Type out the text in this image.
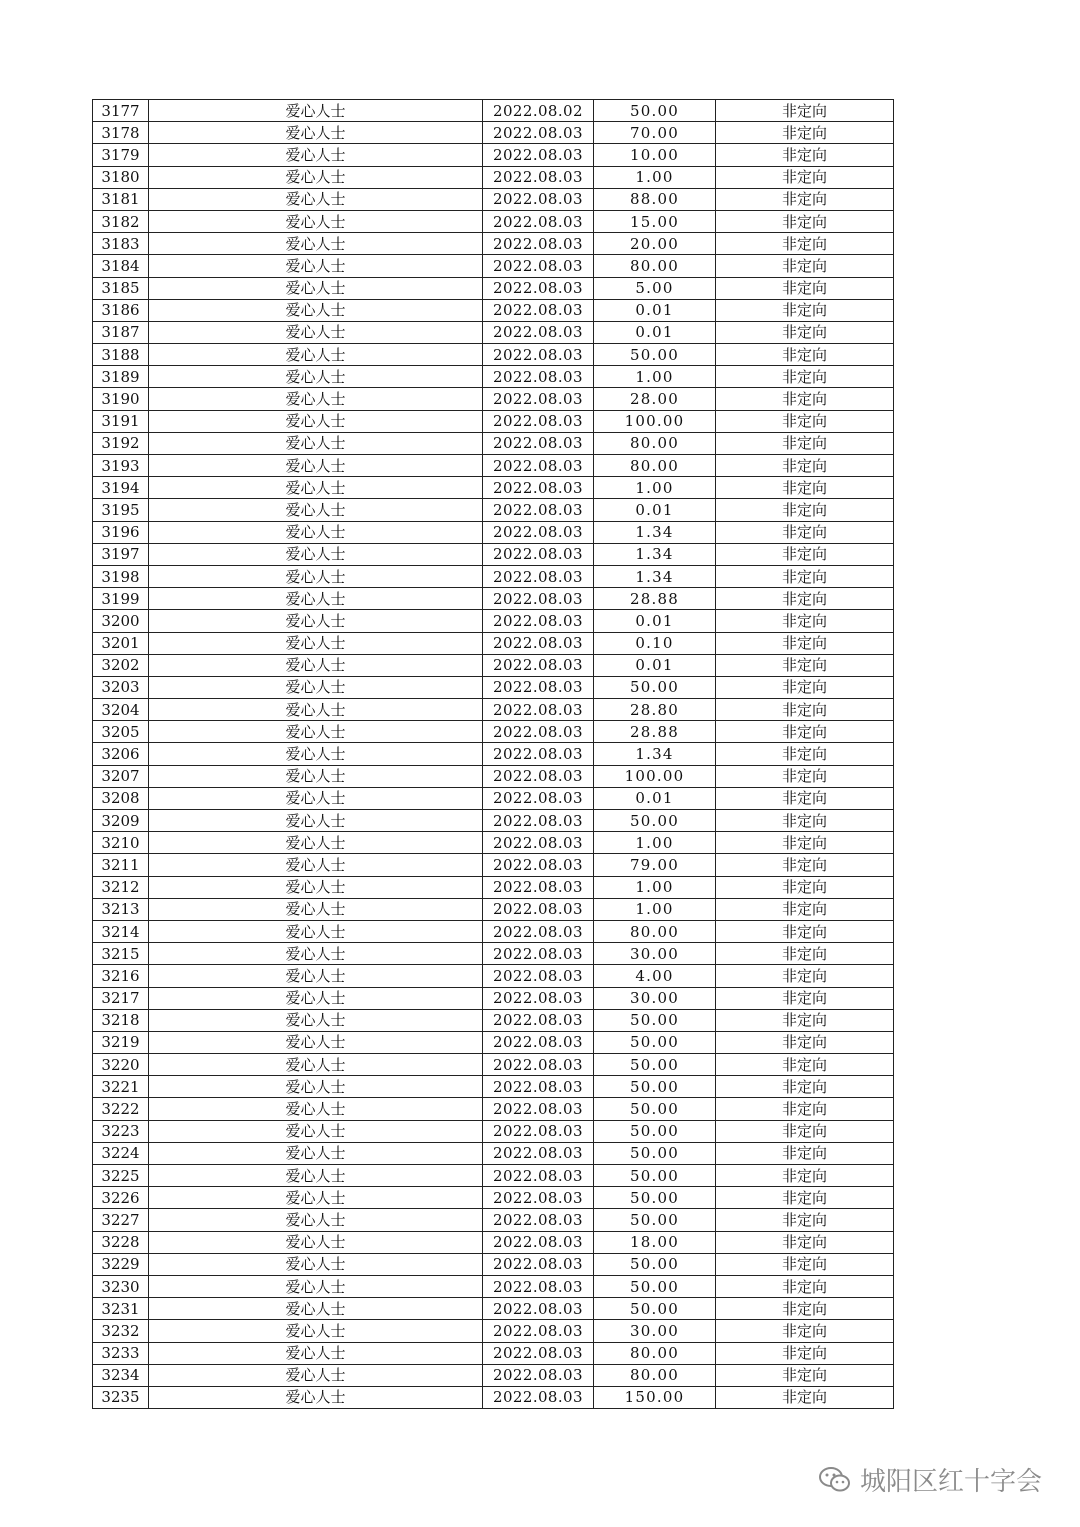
3177	爱心人士	2022.08.02	50.00	非定向
3178	爱心人士	2022.08.03	70.00	非定向
3179	爱心人士	2022.08.03	10.00	非定向
3180	爱心人士	2022.08.03	1.00	非定向
3181	爱心人士	2022.08.03	88.00	非定向
3182	爱心人士	2022.08.03	15.00	非定向
3183	爱心人士	2022.08.03	20.00	非定向
3184	爱心人士	2022.08.03	80.00	非定向
3185	爱心人士	2022.08.03	5.00	非定向
3186	爱心人士	2022.08.03	0.01	非定向
3187	爱心人士	2022.08.03	0.01	非定向
3188	爱心人士	2022.08.03	50.00	非定向
3189	爱心人士	2022.08.03	1.00	非定向
3190	爱心人士	2022.08.03	28.00	非定向
3191	爱心人士	2022.08.03	100.00	非定向
3192	爱心人士	2022.08.03	80.00	非定向
3193	爱心人士	2022.08.03	80.00	非定向
3194	爱心人士	2022.08.03	1.00	非定向
3195	爱心人士	2022.08.03	0.01	非定向
3196	爱心人士	2022.08.03	1.34	非定向
3197	爱心人士	2022.08.03	1.34	非定向
3198	爱心人士	2022.08.03	1.34	非定向
3199	爱心人士	2022.08.03	28.88	非定向
3200	爱心人士	2022.08.03	0.01	非定向
3201	爱心人士	2022.08.03	0.10	非定向
3202	爱心人士	2022.08.03	0.01	非定向
3203	爱心人士	2022.08.03	50.00	非定向
3204	爱心人士	2022.08.03	28.80	非定向
3205	爱心人士	2022.08.03	28.88	非定向
3206	爱心人士	2022.08.03	1.34	非定向
3207	爱心人士	2022.08.03	100.00	非定向
3208	爱心人士	2022.08.03	0.01	非定向
3209	爱心人士	2022.08.03	50.00	非定向
3210	爱心人士	2022.08.03	1.00	非定向
3211	爱心人士	2022.08.03	79.00	非定向
3212	爱心人士	2022.08.03	1.00	非定向
3213	爱心人士	2022.08.03	1.00	非定向
3214	爱心人士	2022.08.03	80.00	非定向
3215	爱心人士	2022.08.03	30.00	非定向
3216	爱心人士	2022.08.03	4.00	非定向
3217	爱心人士	2022.08.03	30.00	非定向
3218	爱心人士	2022.08.03	50.00	非定向
3219	爱心人士	2022.08.03	50.00	非定向
3220	爱心人士	2022.08.03	50.00	非定向
3221	爱心人士	2022.08.03	50.00	非定向
3222	爱心人士	2022.08.03	50.00	非定向
3223	爱心人士	2022.08.03	50.00	非定向
3224	爱心人士	2022.08.03	50.00	非定向
3225	爱心人士	2022.08.03	50.00	非定向
3226	爱心人士	2022.08.03	50.00	非定向
3227	爱心人士	2022.08.03	50.00	非定向
3228	爱心人士	2022.08.03	18.00	非定向
3229	爱心人士	2022.08.03	50.00	非定向
3230	爱心人士	2022.08.03	50.00	非定向
3231	爱心人士	2022.08.03	50.00	非定向
3232	爱心人士	2022.08.03	30.00	非定向
3233	爱心人士	2022.08.03	80.00	非定向
3234	爱心人士	2022.08.03	80.00	非定向
3235	爱心人士	2022.08.03	150.00	非定向
城阳区红十字会
